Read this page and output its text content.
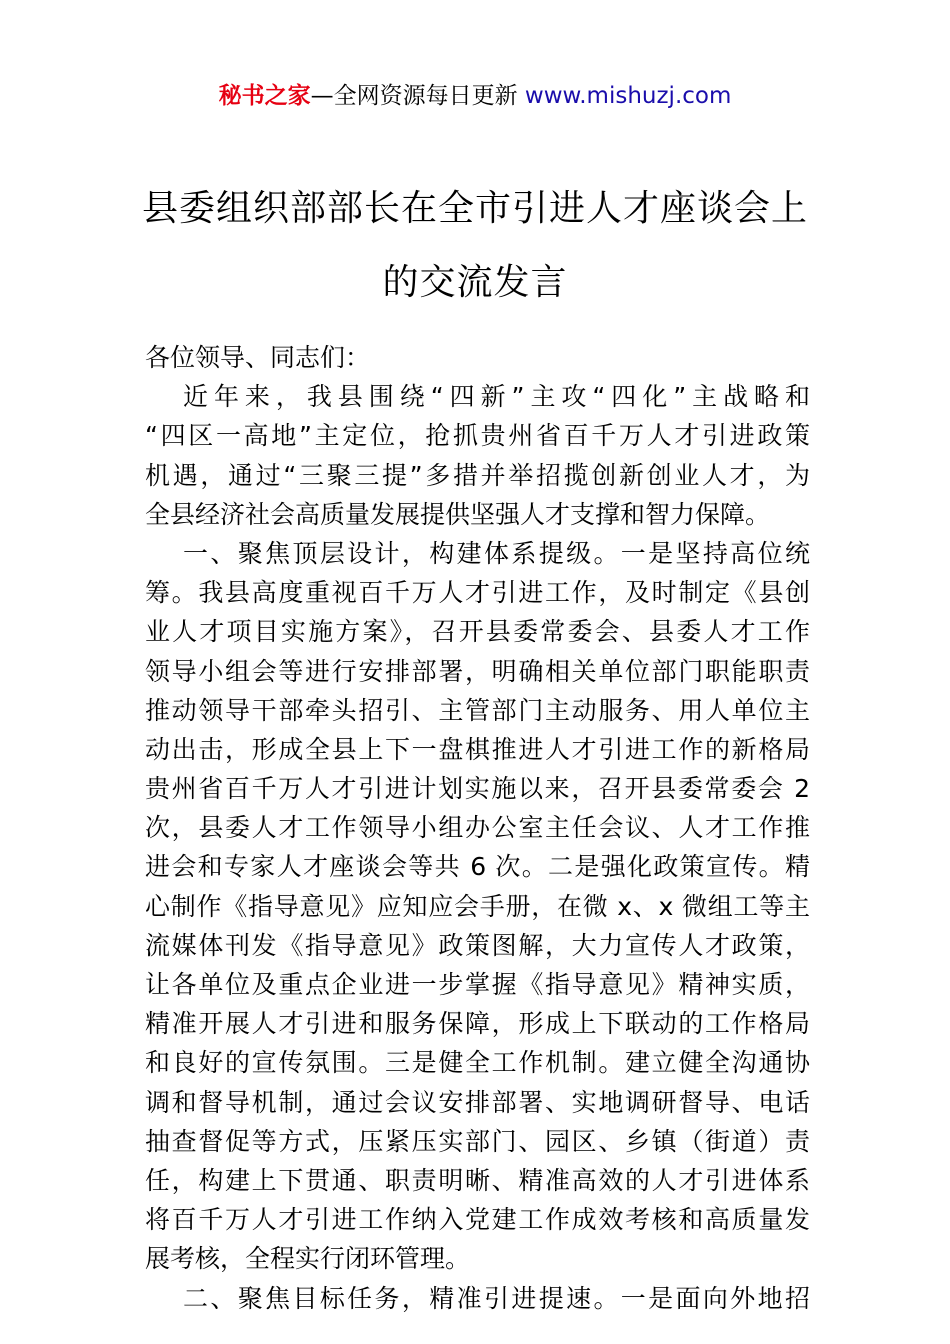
秘书之家—全网资源每日更新 www.mishuzj.com
县委组织部部长在全市引进人才座谈会上
的交流发言
各位领导、同志们：
近年来，我县围绕“四新”主攻“四化”主战略和
“四区一高地”主定位，抢抓贵州省百千万人才引进政策
机遇，通过“三聚三提”多措并举招揽创新创业人才，为
全县经济社会高质量发展提供坚强人才支撑和智力保障。
一、聚焦顶层设计，构建体系提级。一是坚持高位统
筹。我县高度重视百千万人才引进工作，及时制定《县创
业人才项目实施方案》，召开县委常委会、县委人才工作
领导小组会等进行安排部署，明确相关单位部门职能职责
推动领导干部牵头招引、主管部门主动服务、用人单位主
动出击，形成全县上下一盘棋推进人才引进工作的新格局
贵州省百千万人才引进计划实施以来，召开县委常委会 2
次，县委人才工作领导小组办公室主任会议、人才工作推
进会和专家人才座谈会等共 6 次。二是强化政策宣传。精
心制作《指导意见》应知应会手册，在微 x、x 微组工等主
流媒体刊发《指导意见》政策图解，大力宣传人才政策，
让各单位及重点企业进一步掌握《指导意见》精神实质，
精准开展人才引进和服务保障，形成上下联动的工作格局
和良好的宣传氛围。三是健全工作机制。建立健全沟通协
调和督导机制，通过会议安排部署、实地调研督导、电话
抽查督促等方式，压紧压实部门、园区、乡镇（街道）责
任，构建上下贯通、职责明晰、精准高效的人才引进体系
将百千万人才引进工作纳入党建工作成效考核和高质量发
展考核，全程实行闭环管理。
二、聚焦目标任务，精准引进提速。一是面向外地招
